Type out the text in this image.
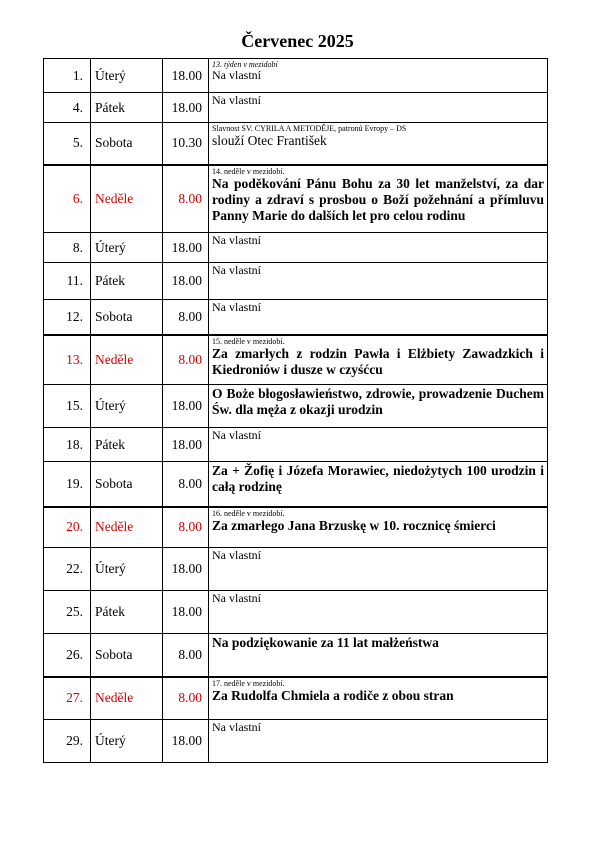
Červenec 2025
1.	Úterý	18.00	13. týden v mezidobí
Na vlastní

4.	Pátek	18.00	Na vlastní

5.	Sobota	10.30	Slavnost SV. CYRILA A METODĚJE, patronů Evropy – DS
slouží Otec František

6.	Neděle	8.00	14. neděle v mezidobí.
Na poděkování Pánu Bohu za 30 let manželství, za dar rodiny a zdraví s prosbou o Boží požehnání a přímluvu Panny Marie do dalších let pro celou rodinu

8.	Úterý	18.00	Na vlastní

11.	Pátek	18.00	Na vlastní

12.	Sobota	8.00	Na vlastní

13.	Neděle	8.00	15. neděle v mezidobí.
Za zmarłych z rodzin Pawła i Elżbiety Zawadzkich i Kiedroniów i dusze w czyśćcu

15.	Úterý	18.00	O Boże błogosławieństwo, zdrowie, prowadzenie Duchem Św. dla męża z okazji urodzin

18.	Pátek	18.00	Na vlastní

19.	Sobota	8.00	Za + Žofię i Józefa Morawiec, niedożytych 100 urodzin i całą rodzinę

20.	Neděle	8.00	16. neděle v mezidobí.
Za zmarłego Jana Brzuskę w 10. rocznicę śmierci

22.	Úterý	18.00	Na vlastní

25.	Pátek	18.00	Na vlastní

26.	Sobota	8.00	Na podziękowanie za 11 lat małżeństwa

27.	Neděle	8.00	17. neděle v mezidobí.
Za Rudolfa Chmiela a rodiče z obou stran

29.	Úterý	18.00	Na vlastní
